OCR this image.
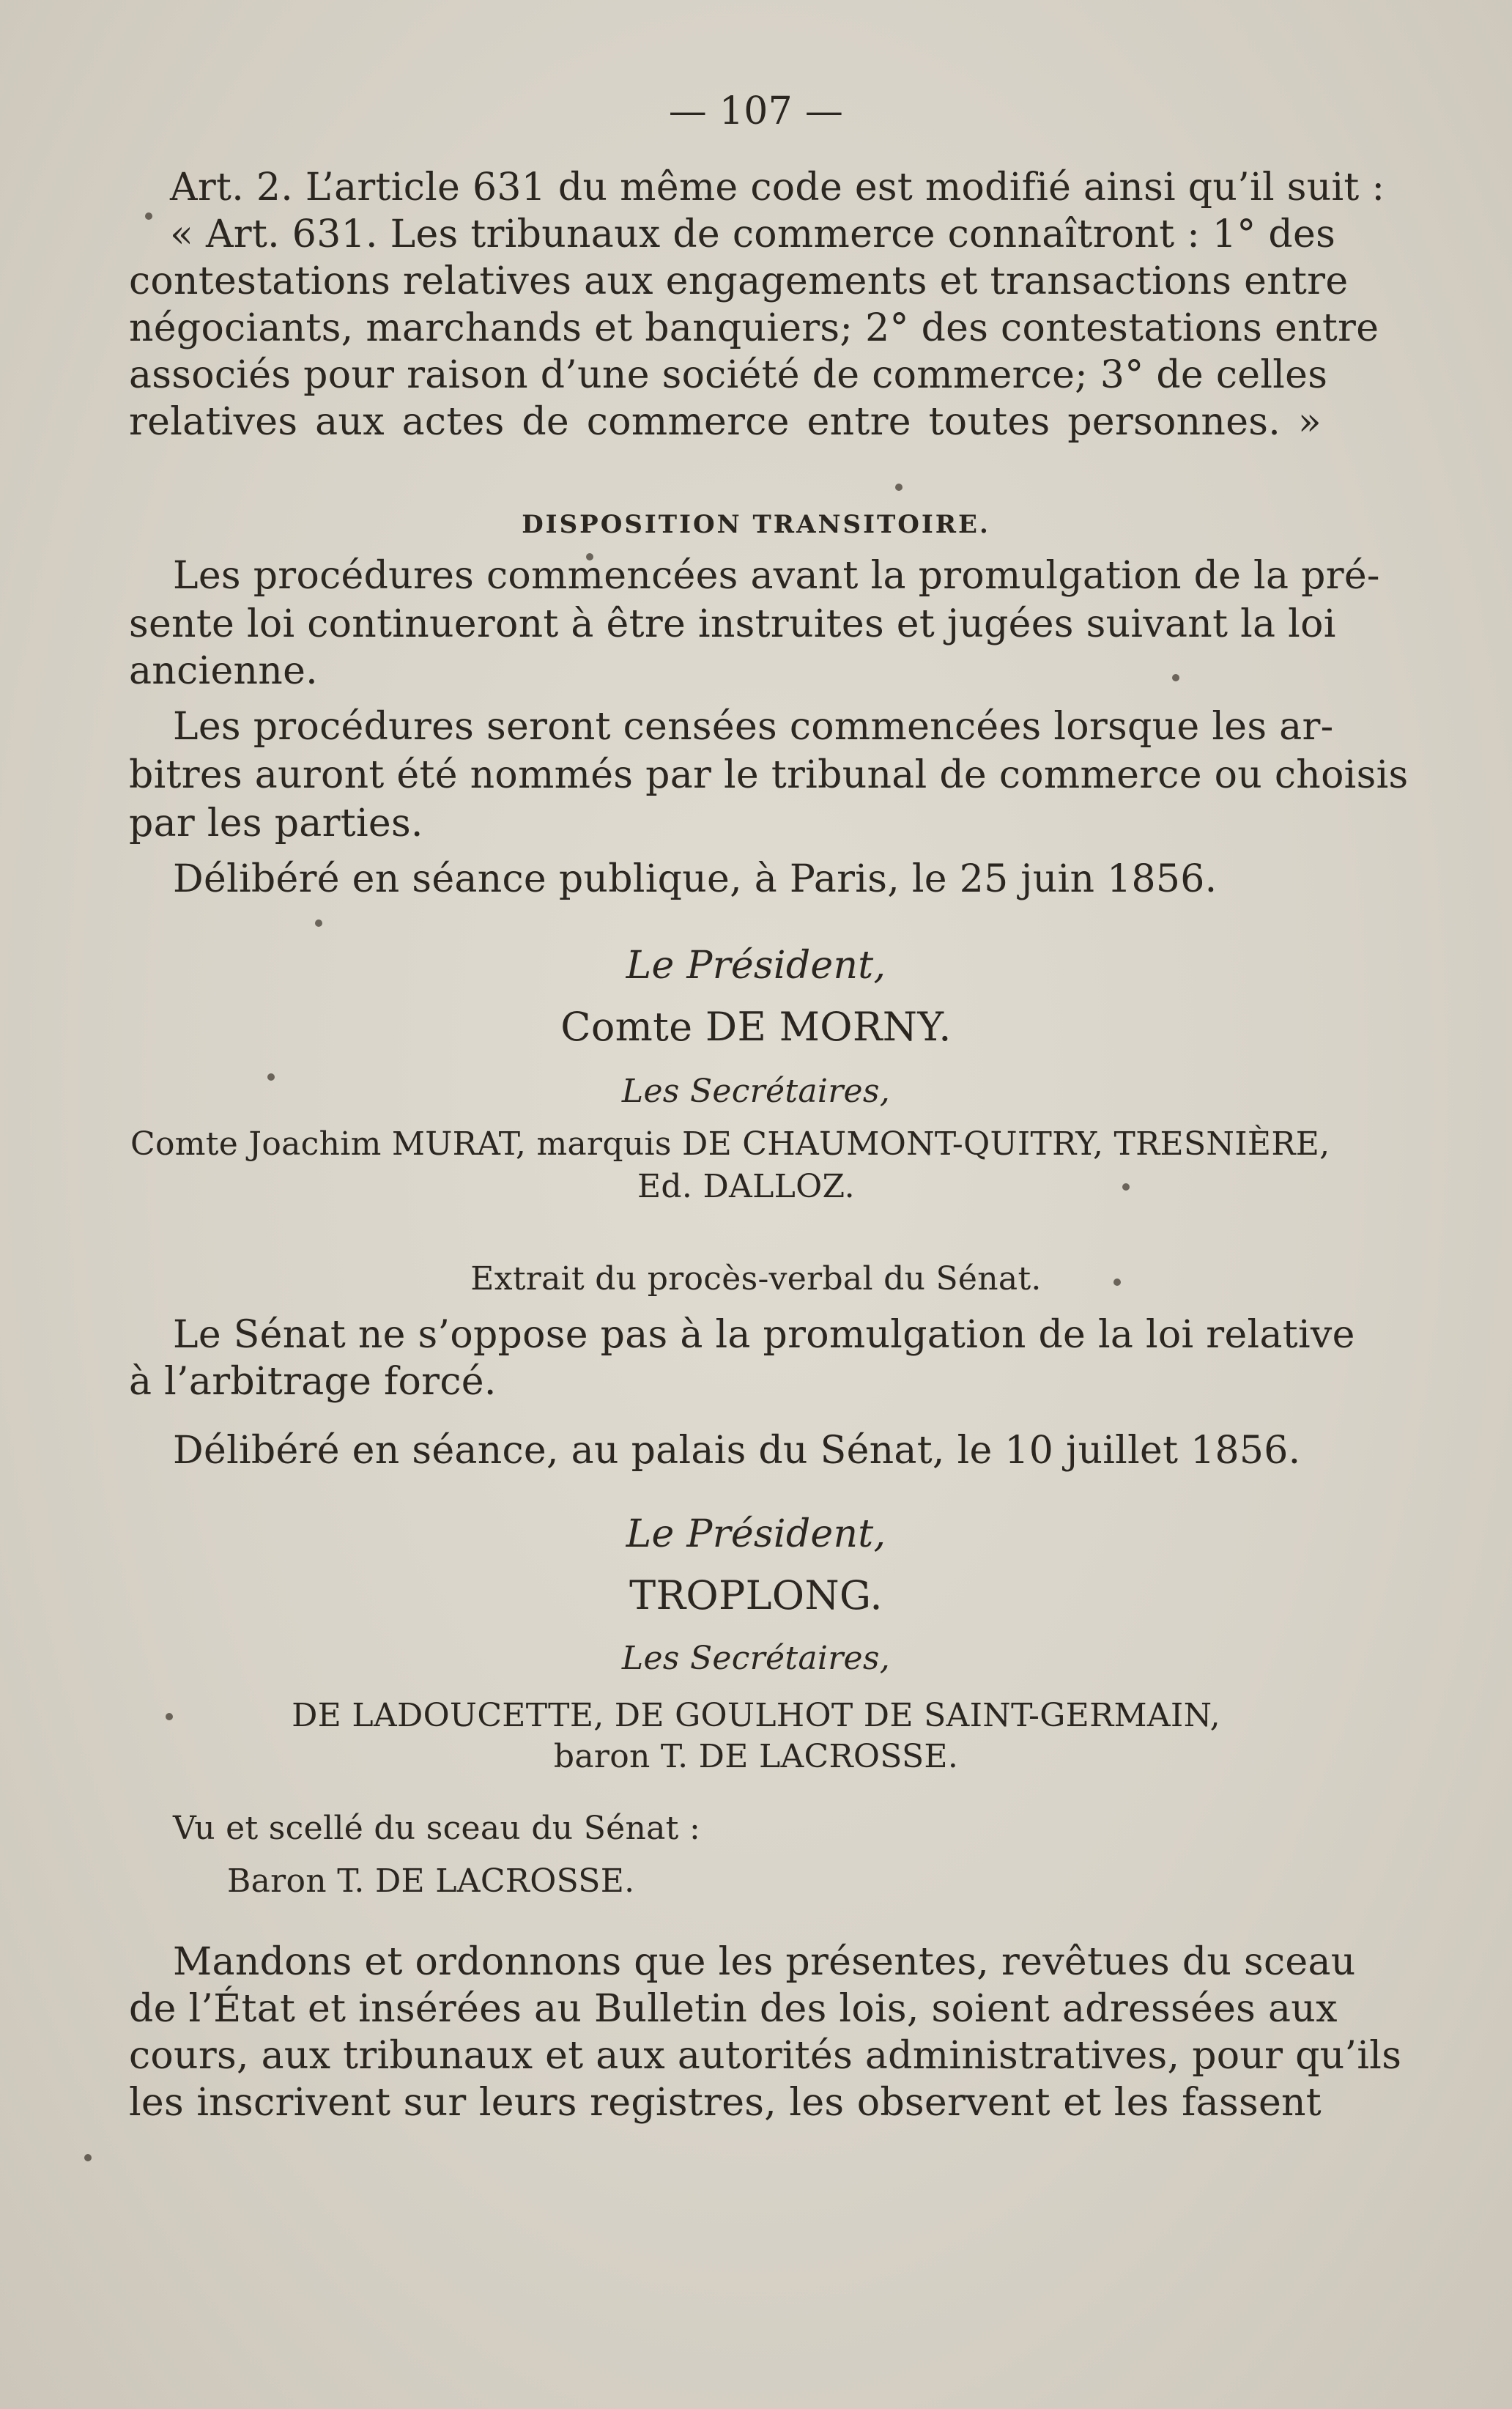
— 107 —
Art. 2. L’article 631 du même code est modifié ainsi qu’il suit :
« Art. 631. Les tribunaux de commerce connaîtront : 1° des
contestations relatives aux engagements et transactions entre
négociants, marchands et banquiers; 2° des contestations entre
associés pour raison d’une société de commerce; 3° de celles
relatives aux actes de commerce entre toutes personnes. »
DISPOSITION TRANSITOIRE.
Les procédures commencées avant la promulgation de la pré-
sente loi continueront à être instruites et jugées suivant la loi
ancienne.
Les procédures seront censées commencées lorsque les ar-
bitres auront été nommés par le tribunal de commerce ou choisis
par les parties.
Délibéré en séance publique, à Paris, le 25 juin 1856.
Le Président,
Comte DE MORNY.
Les Secrétaires,
Comte Joachim MURAT, marquis DE CHAUMONT-QUITRY, TRESNIÈRE,
Ed. DALLOZ.
Extrait du procès-verbal du Sénat.
Le Sénat ne s’oppose pas à la promulgation de la loi relative
à l’arbitrage forcé.
Délibéré en séance, au palais du Sénat, le 10 juillet 1856.
Le Président,
TROPLONG.
Les Secrétaires,
DE LADOUCETTE, DE GOULHOT DE SAINT-GERMAIN,
baron T. DE LACROSSE.
Vu et scellé du sceau du Sénat :
Baron T. DE LACROSSE.
Mandons et ordonnons que les présentes, revêtues du sceau
de l’État et insérées au Bulletin des lois, soient adressées aux
cours, aux tribunaux et aux autorités administratives, pour qu’ils
les inscrivent sur leurs registres, les observent et les fassent
